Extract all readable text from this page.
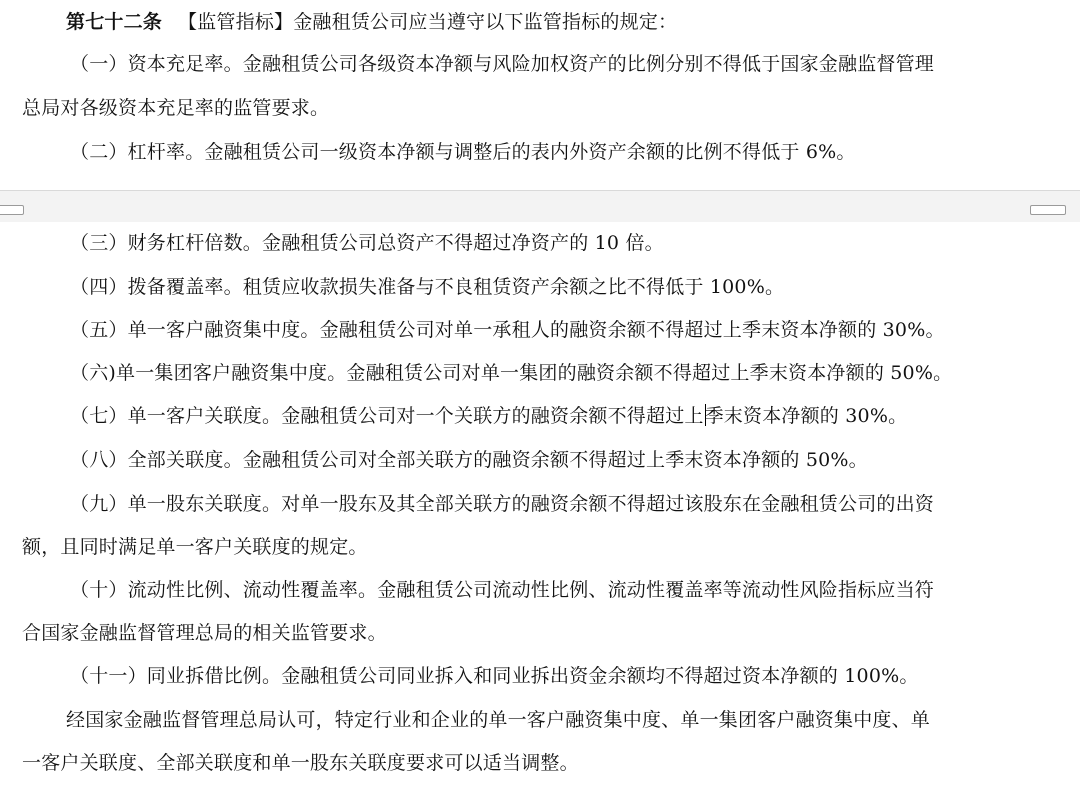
第七十二条 【监管指标】金融租赁公司应当遵守以下监管指标的规定：
（一）资本充足率。金融租赁公司各级资本净额与风险加权资产的比例分别不得低于国家金融监督管理
总局对各级资本充足率的监管要求。
（二）杠杆率。金融租赁公司一级资本净额与调整后的表内外资产余额的比例不得低于 6%。
（三）财务杠杆倍数。金融租赁公司总资产不得超过净资产的 10 倍。
（四）拨备覆盖率。租赁应收款损失准备与不良租赁资产余额之比不得低于 100%。
（五）单一客户融资集中度。金融租赁公司对单一承租人的融资余额不得超过上季末资本净额的 30%。
（六)单一集团客户融资集中度。金融租赁公司对单一集团的融资余额不得超过上季末资本净额的 50%。
（七）单一客户关联度。金融租赁公司对一个关联方的融资余额不得超过上季末资本净额的 30%。
（八）全部关联度。金融租赁公司对全部关联方的融资余额不得超过上季末资本净额的 50%。
（九）单一股东关联度。对单一股东及其全部关联方的融资余额不得超过该股东在金融租赁公司的出资
额，且同时满足单一客户关联度的规定。
（十）流动性比例、流动性覆盖率。金融租赁公司流动性比例、流动性覆盖率等流动性风险指标应当符
合国家金融监督管理总局的相关监管要求。
（十一）同业拆借比例。金融租赁公司同业拆入和同业拆出资金余额均不得超过资本净额的 100%。
经国家金融监督管理总局认可，特定行业和企业的单一客户融资集中度、单一集团客户融资集中度、单
一客户关联度、全部关联度和单一股东关联度要求可以适当调整。
